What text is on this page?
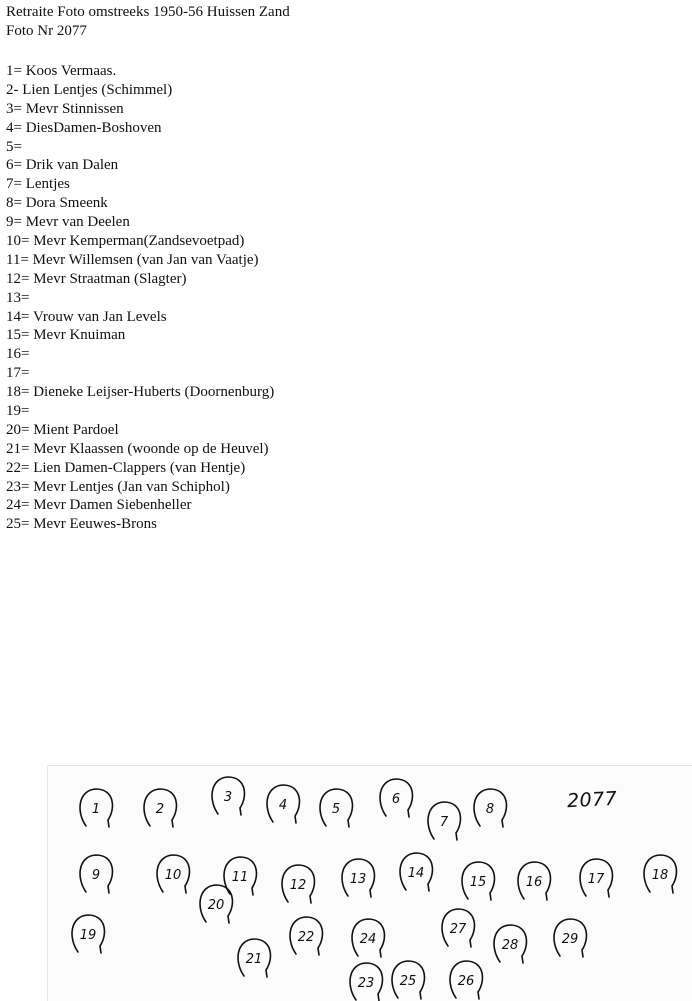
Retraite Foto omstreeks 1950-56 Huissen Zand
Foto Nr 2077
1= Koos Vermaas.
2- Lien Lentjes (Schimmel)
3= Mevr Stinnissen
4= DiesDamen-Boshoven
5=
6= Drik van Dalen
7= Lentjes
8= Dora Smeenk
9= Mevr van Deelen
10= Mevr Kemperman(Zandsevoetpad)
11= Mevr Willemsen (van Jan van Vaatje)
12= Mevr Straatman (Slagter)
13=
14= Vrouw van Jan Levels
15= Mevr Knuiman
16=
17=
18= Dieneke Leijser-Huberts (Doornenburg)
19=
20= Mient Pardoel
21= Mevr Klaassen (woonde op de Heuvel)
22= Lien Damen-Clappers (van Hentje)
23= Mevr Lentjes (Jan van Schiphol)
24= Mevr Damen Siebenheller
25= Mevr Eeuwes-Brons
1	2
3
4	5
6
7
8
9	10	11
12	13	14
15	16	17	18
19
20
21
22
23
24
25	26
27
28	29
2077
